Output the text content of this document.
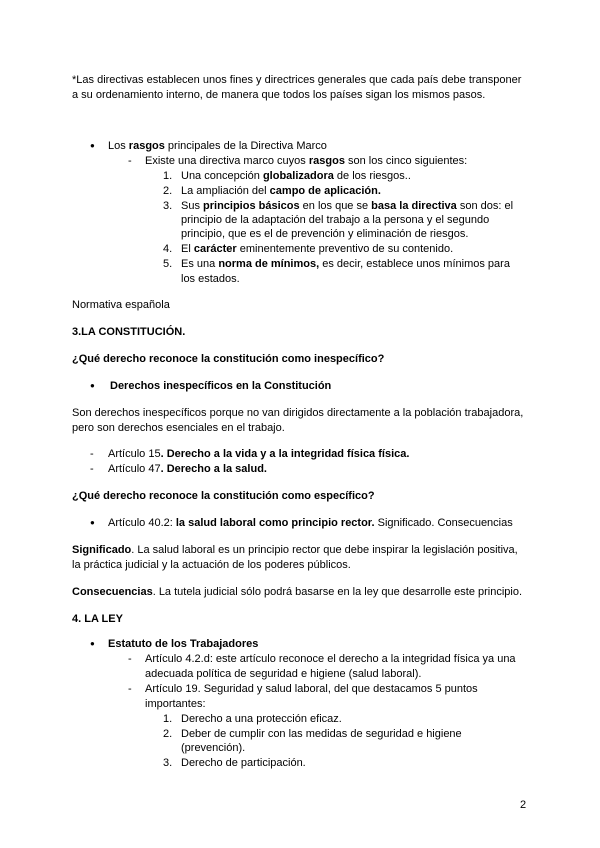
*Las directivas establecen unos fines y directrices generales que cada país debe transponer
a su ordenamiento interno, de manera que todos los países sigan los mismos pasos.
● Los rasgos principales de la Directiva Marco
- Existe una directiva marco cuyos rasgos son los cinco siguientes:
1. Una concepción globalizadora de los riesgos..
2. La ampliación del campo de aplicación.
3. Sus principios básicos en los que se basa la directiva son dos: el
principio de la adaptación del trabajo a la persona y el segundo
principio, que es el de prevención y eliminación de riesgos.
4. El carácter eminentemente preventivo de su contenido.
5. Es una norma de mínimos, es decir, establece unos mínimos para
los estados.
Normativa española
3.LA CONSTITUCIÓN.
¿Qué derecho reconoce la constitución como inespecífico?
● Derechos inespecíficos en la Constitución
Son derechos inespecíficos porque no van dirigidos directamente a la población trabajadora,
pero son derechos esenciales en el trabajo.
- Artículo 15. Derecho a la vida y a la integridad física física.
- Artículo 47. Derecho a la salud.
¿Qué derecho reconoce la constitución como específico?
● Artículo 40.2: la salud laboral como principio rector. Significado. Consecuencias
Significado. La salud laboral es un principio rector que debe inspirar la legislación positiva,
la práctica judicial y la actuación de los poderes públicos.
Consecuencias. La tutela judicial sólo podrá basarse en la ley que desarrolle este principio.
4. LA LEY
● Estatuto de los Trabajadores
- Artículo 4.2.d: este artículo reconoce el derecho a la integridad física ya una
adecuada política de seguridad e higiene (salud laboral).
- Artículo 19. Seguridad y salud laboral, del que destacamos 5 puntos
importantes:
1. Derecho a una protección eficaz.
2. Deber de cumplir con las medidas de seguridad e higiene
(prevención).
3. Derecho de participación.
2
